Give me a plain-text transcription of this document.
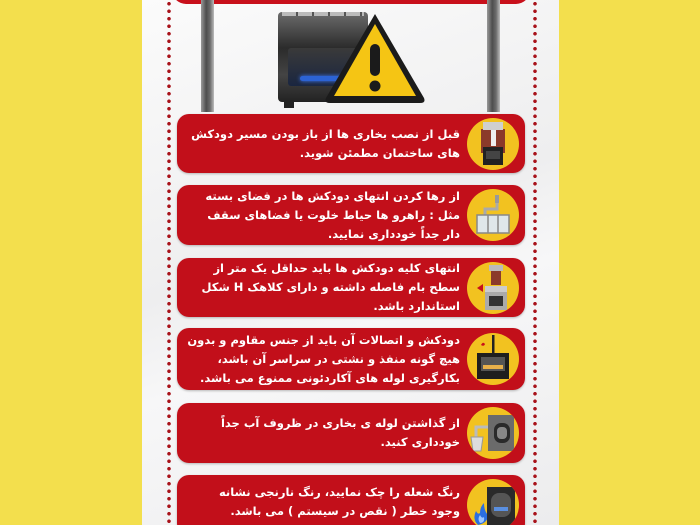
قبل از نصب بخاری ها از باز بودن مسیر دودکش های ساختمان مطمئن شوید.
از رها کردن انتهای دودکش ها در فضای بسته مثل : راهرو ها حیاط خلوت یا فضاهای سقف دار جداً خودداری نمایید.
انتهای کلیه دودکش ها باید حداقل یک متر از سطح بام فاصله داشته و دارای کلاهک H شکل استاندارد باشد.
دودکش و اتصالات آن باید از جنس مقاوم و بدون هیچ گونه منفذ و نشتی در سراسر آن باشد، بکارگیری لوله های آکاردئونی ممنوع می باشد.
از گذاشتن لوله ی بخاری در ظروف آب جداً خودداری کنید.
رنگ شعله را چک نمایید، رنگ نارنجی نشانه وجود خطر ( نقص در سیستم ) می باشد.
